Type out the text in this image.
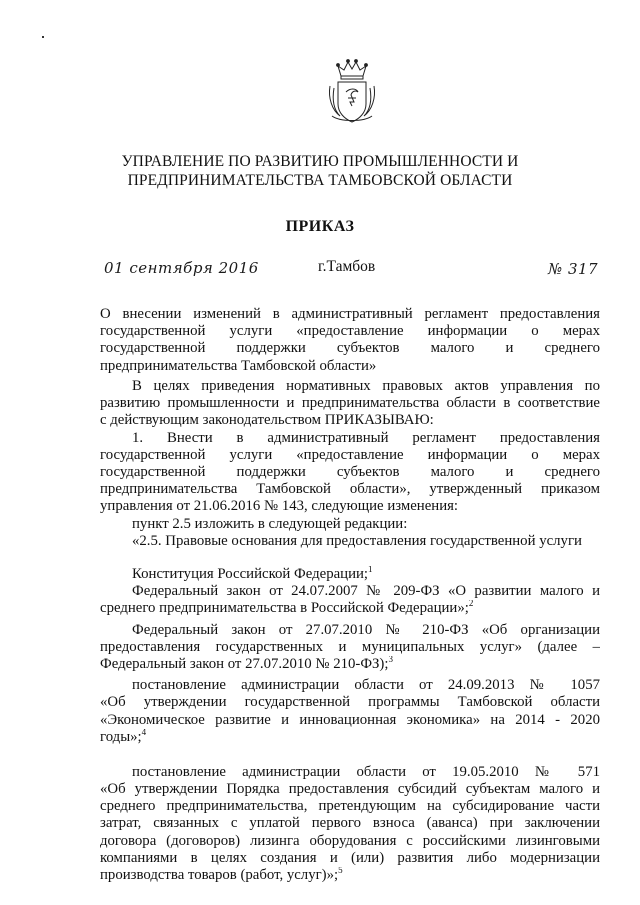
УПРАВЛЕНИЕ ПО РАЗВИТИЮ ПРОМЫШЛЕННОСТИ И
ПРЕДПРИНИМАТЕЛЬСТВА ТАМБОВСКОЙ ОБЛАСТИ
ПРИКАЗ
01 сентября 2016	г.Тамбов	№ 317
О внесении изменений в административный регламент предоставления
государственной услуги «предоставление информации о мерах
государственной поддержки субъектов малого и среднего
предпринимательства Тамбовской области»
В целях приведения нормативных правовых актов управления по
развитию промышленности и предпринимательства области в соответствие
с действующим законодательством ПРИКАЗЫВАЮ:
1. Внести в административный регламент предоставления
государственной услуги «предоставление информации о мерах
государственной поддержки субъектов малого и среднего
предпринимательства Тамбовской области», утвержденный приказом
управления от 21.06.2016 № 143, следующие изменения:
пункт 2.5 изложить в следующей редакции:
«2.5. Правовые основания для предоставления государственной услуги
Конституция Российской Федерации;$^1$
Федеральный закон от 24.07.2007 № 209-ФЗ «О развитии малого и
среднего предпринимательства в Российской Федерации»;$^2$
Федеральный закон от 27.07.2010 № 210-ФЗ «Об организации
предоставления государственных и муниципальных услуг» (далее –
Федеральный закон от 27.07.2010 № 210-ФЗ);$^3$
постановление администрации области от 24.09.2013 № 1057
«Об утверждении государственной программы Тамбовской области
«Экономическое развитие и инновационная экономика» на 2014 - 2020
годы»;$^4$
постановление администрации области от 19.05.2010 № 571
«Об утверждении Порядка предоставления субсидий субъектам малого и
среднего предпринимательства, претендующим на субсидирование части
затрат, связанных с уплатой первого взноса (аванса) при заключении
договора (договоров) лизинга оборудования с российскими лизинговыми
компаниями в целях создания и (или) развития либо модернизации
производства товаров (работ, услуг)»;$^5$
